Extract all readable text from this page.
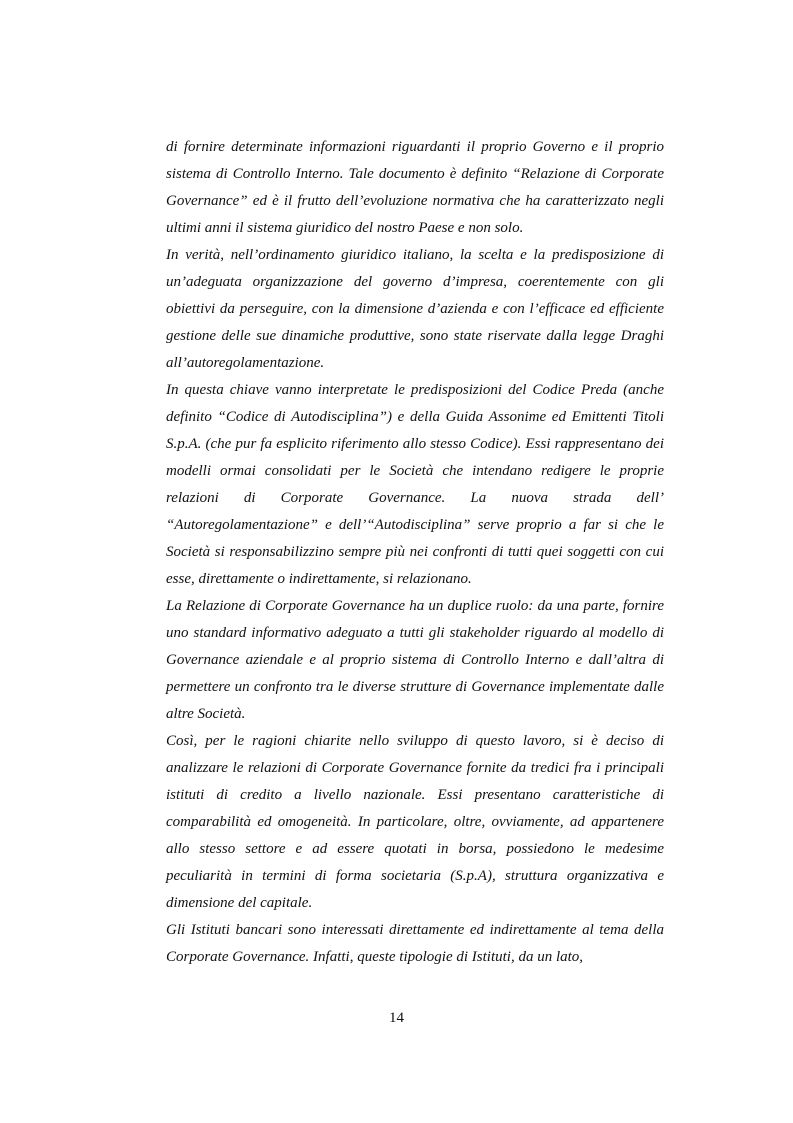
di fornire determinate informazioni riguardanti il proprio Governo e il proprio sistema di Controllo Interno. Tale documento è definito “Relazione di Corporate Governance” ed è il frutto dell’evoluzione normativa che ha caratterizzato negli ultimi anni il sistema giuridico del nostro Paese e non solo.

In verità, nell’ordinamento giuridico italiano, la scelta e la predisposizione di un’adeguata organizzazione del governo d’impresa, coerentemente con gli obiettivi da perseguire, con la dimensione d’azienda e con l’efficace ed efficiente gestione delle sue dinamiche produttive, sono state riservate dalla legge Draghi all’autoregolamentazione.

In questa chiave vanno interpretate le predisposizioni del Codice Preda (anche definito “Codice di Autodisciplina”) e della Guida Assonime ed Emittenti Titoli S.p.A. (che pur fa esplicito riferimento allo stesso Codice). Essi rappresentano dei modelli ormai consolidati per le Società che intendano redigere le proprie relazioni di Corporate Governance. La nuova strada dell’ “Autoregolamentazione” e dell’“Autodisciplina” serve proprio a far si che le Società si responsabilizzino sempre più nei confronti di tutti quei soggetti con cui esse, direttamente o indirettamente, si relazionano.

La Relazione di Corporate Governance ha un duplice ruolo: da una parte, fornire uno standard informativo adeguato a tutti gli stakeholder riguardo al modello di Governance aziendale e al proprio sistema di Controllo Interno e dall’altra di permettere un confronto tra le diverse strutture di Governance implementate dalle altre Società.

Così, per le ragioni chiarite nello sviluppo di questo lavoro, si è deciso di analizzare le relazioni di Corporate Governance fornite da tredici fra i principali istituti di credito a livello nazionale. Essi presentano caratteristiche di comparabilità ed omogeneità. In particolare, oltre, ovviamente, ad appartenere allo stesso settore e ad essere quotati in borsa, possiedono le medesime peculiarità in termini di forma societaria (S.p.A), struttura organizzativa e dimensione del capitale.

Gli Istituti bancari sono interessati direttamente ed indirettamente al tema della Corporate Governance. Infatti, queste tipologie di Istituti, da un lato,

14
